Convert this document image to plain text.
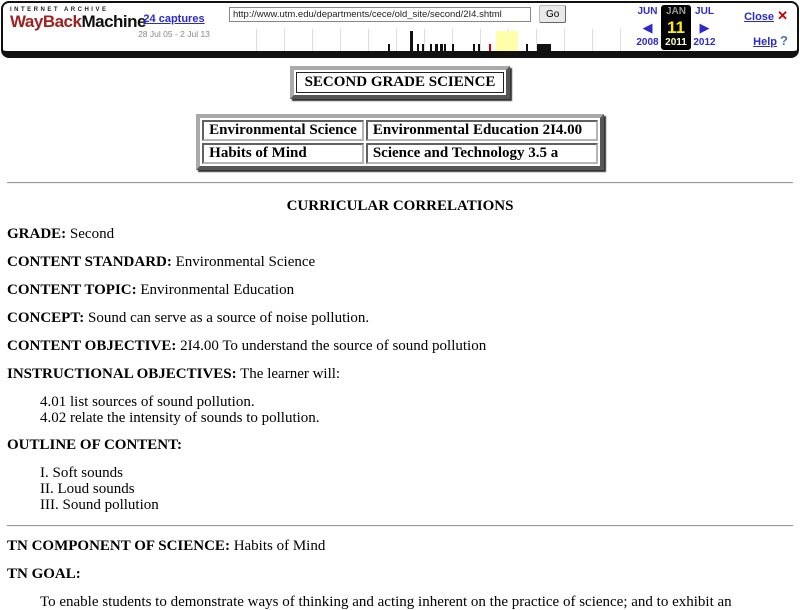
INTERNET ARCHIVE
WayBackMachine
24 captures
28 Jul 05 - 2 Jul 13
http://www.utm.edu/departments/cece/old_site/second/2I4.shtml
Go	JUN
◀
2008
JAN
11
2011
JUL
▶
2012
Close ✕
Help ?
SECOND GRADE SCIENCE
Environmental Science	Environmental Education 2I4.00
Habits of Mind	Science and Technology 3.5 a
CURRICULAR CORRELATIONS

GRADE: Second

CONTENT STANDARD: Environmental Science

CONTENT TOPIC: Environmental Education

CONCEPT: Sound can serve as a source of noise pollution.

CONTENT OBJECTIVE: 2I4.00 To understand the source of sound pollution

INSTRUCTIONAL OBJECTIVES: The learner will:

4.01 list sources of sound pollution.
4.02 relate the intensity of sounds to pollution.

OUTLINE OF CONTENT:

I. Soft sounds
II. Loud sounds
III. Sound pollution

TN COMPONENT OF SCIENCE: Habits of Mind

TN GOAL:

To enable students to demonstrate ways of thinking and acting inherent on the practice of science; and to exhibit an
